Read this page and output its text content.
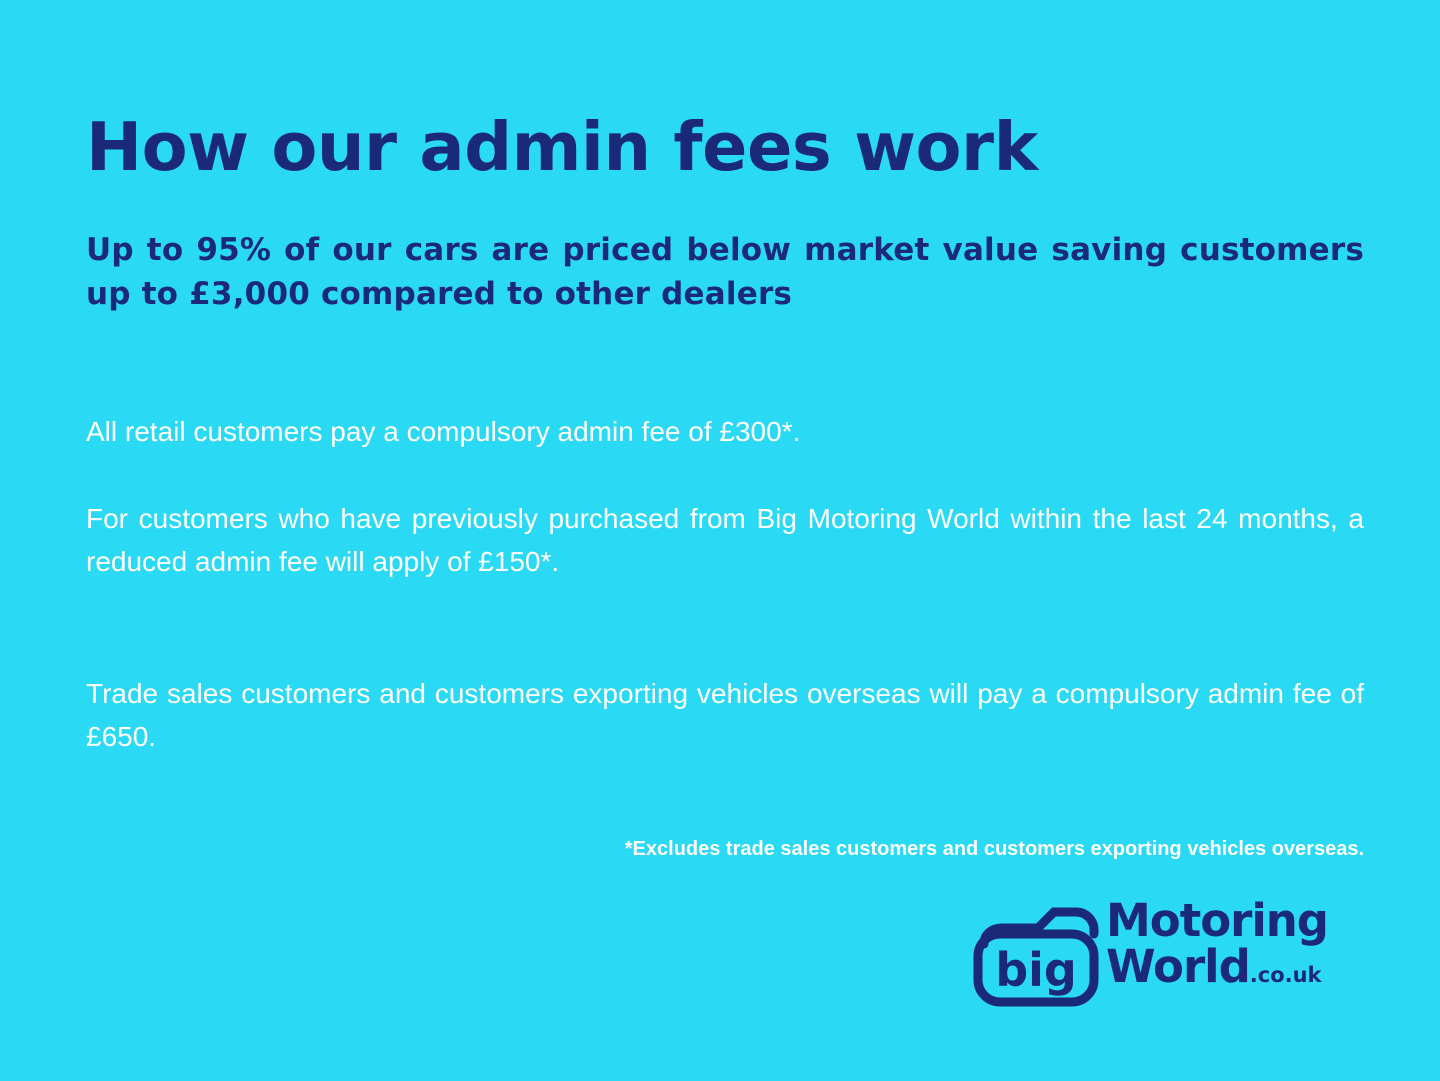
How our admin fees work
Up to 95% of our cars are priced below market value saving customers up to £3,000 compared to other dealers
All retail customers pay a compulsory admin fee of £300*.
For customers who have previously purchased from Big Motoring World within the last 24 months, a reduced admin fee will apply of £150*.
Trade sales customers and customers exporting vehicles overseas will pay a compulsory admin fee of £650.
*Excludes trade sales customers and customers exporting vehicles overseas.
big
Motoring
World.co.uk
